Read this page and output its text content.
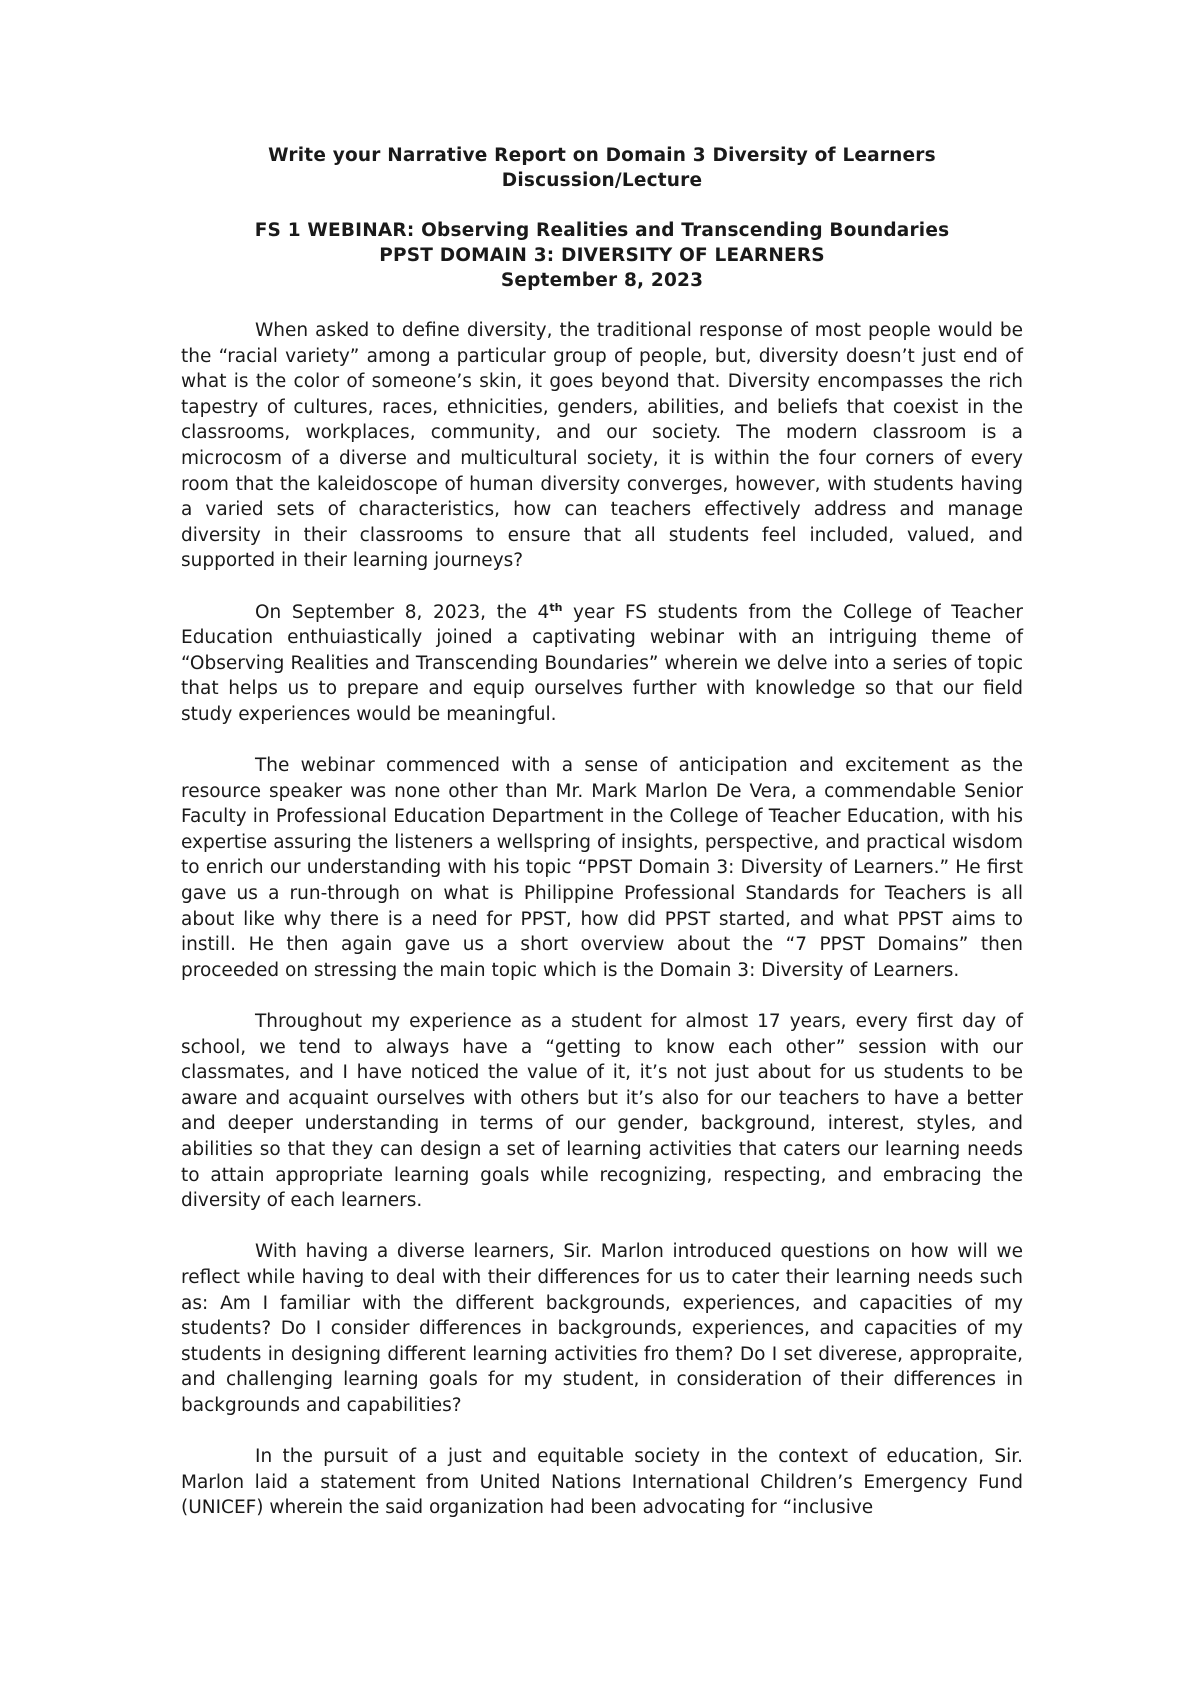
Write your Narrative Report on Domain 3 Diversity of Learners

Discussion/Lecture

FS 1 WEBINAR: Observing Realities and Transcending Boundaries

PPST DOMAIN 3: DIVERSITY OF LEARNERS

September 8, 2023

When asked to define diversity, the traditional response of most people would be the “racial variety” among a particular group of people, but, diversity doesn’t just end of what is the color of someone’s skin, it goes beyond that. Diversity encompasses the rich tapestry of cultures, races, ethnicities, genders, abilities, and beliefs that coexist in the classrooms, workplaces, community, and our society. The modern classroom is a microcosm of a diverse and multicultural society, it is within the four corners of every room that the kaleidoscope of human diversity converges, however, with students having a varied sets of characteristics, how can teachers effectively address and manage diversity in their classrooms to ensure that all students feel included, valued, and supported in their learning journeys?

On September 8, 2023, the 4th year FS students from the College of Teacher Education enthuiastically joined a captivating webinar with an intriguing theme of “Observing Realities and Transcending Boundaries” wherein we delve into a series of topic that helps us to prepare and equip ourselves further with knowledge so that our field study experiences would be meaningful.

The webinar commenced with a sense of anticipation and excitement as the resource speaker was none other than Mr. Mark Marlon De Vera, a commendable Senior Faculty in Professional Education Department in the College of Teacher Education, with his expertise assuring the listeners a wellspring of insights, perspective, and practical wisdom to enrich our understanding with his topic “PPST Domain 3: Diversity of Learners.” He first gave us a run-through on what is Philippine Professional Standards for Teachers is all about like why there is a need for PPST, how did PPST started, and what PPST aims to instill. He then again gave us a short overview about the “7 PPST Domains” then proceeded on stressing the main topic which is the Domain 3: Diversity of Learners.

Throughout my experience as a student for almost 17 years, every first day of school, we tend to always have a “getting to know each other” session with our classmates, and I have noticed the value of it, it’s not just about for us students to be aware and acquaint ourselves with others but it’s also for our teachers to have a better and deeper understanding in terms of our gender, background, interest, styles, and abilities so that they can design a set of learning activities that caters our learning needs to attain appropriate learning goals while recognizing, respecting, and embracing the diversity of each learners.

With having a diverse learners, Sir. Marlon introduced questions on how will we reflect while having to deal with their differences for us to cater their learning needs such as: Am I familiar with the different backgrounds, experiences, and capacities of my students? Do I consider differences in backgrounds, experiences, and capacities of my students in designing different learning activities fro them? Do I set diverese, appropraite, and challenging learning goals for my student, in consideration of their differences in backgrounds and capabilities?

In the pursuit of a just and equitable society in the context of education, Sir. Marlon laid a statement from United Nations International Children’s Emergency Fund (UNICEF) wherein the said organization had been advocating for “inclusive
